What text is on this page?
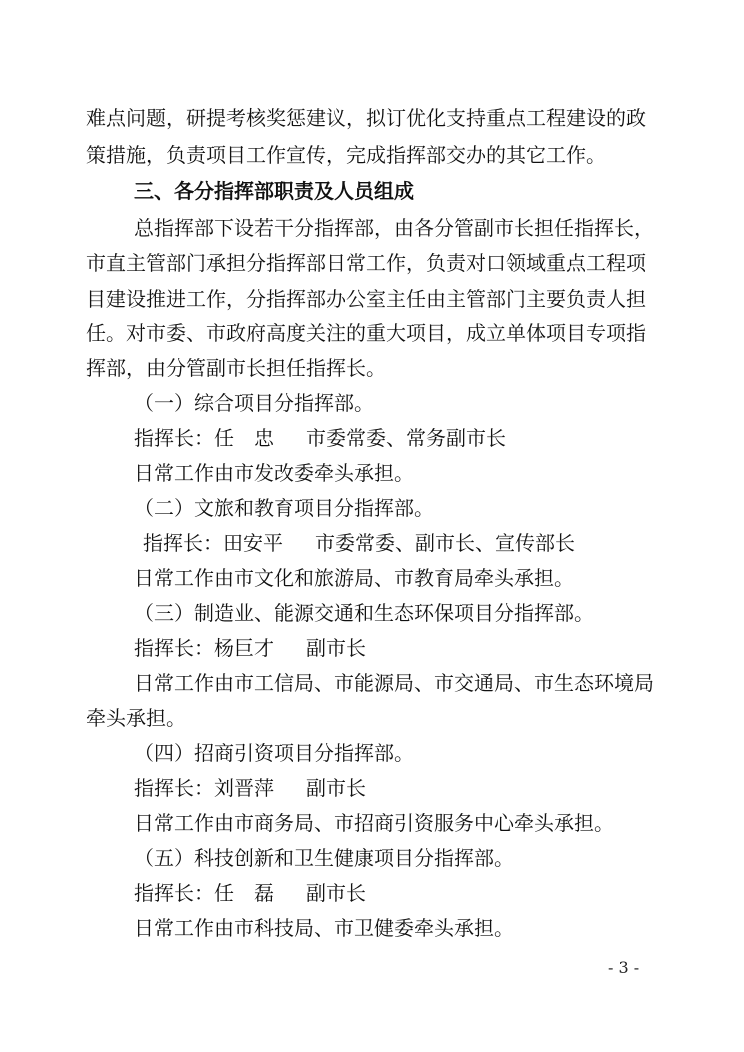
难点问题，研提考核奖惩建议，拟订优化支持重点工程建设的政
策措施，负责项目工作宣传，完成指挥部交办的其它工作。
三、各分指挥部职责及人员组成
总指挥部下设若干分指挥部，由各分管副市长担任指挥长，
市直主管部门承担分指挥部日常工作，负责对口领域重点工程项
目建设推进工作，分指挥部办公室主任由主管部门主要负责人担
任。对市委、市政府高度关注的重大项目，成立单体项目专项指
挥部，由分管副市长担任指挥长。
（一）综合项目分指挥部。
指挥长：任　忠 市委常委、常务副市长
日常工作由市发改委牵头承担。
（二）文旅和教育项目分指挥部。
指挥长：田安平 市委常委、副市长、宣传部长
日常工作由市文化和旅游局、市教育局牵头承担。
（三）制造业、能源交通和生态环保项目分指挥部。
指挥长：杨巨才 副市长
日常工作由市工信局、市能源局、市交通局、市生态环境局
牵头承担。
（四）招商引资项目分指挥部。
指挥长：刘晋萍 副市长
日常工作由市商务局、市招商引资服务中心牵头承担。
（五）科技创新和卫生健康项目分指挥部。
指挥长：任　磊 副市长
日常工作由市科技局、市卫健委牵头承担。
- 3 -
